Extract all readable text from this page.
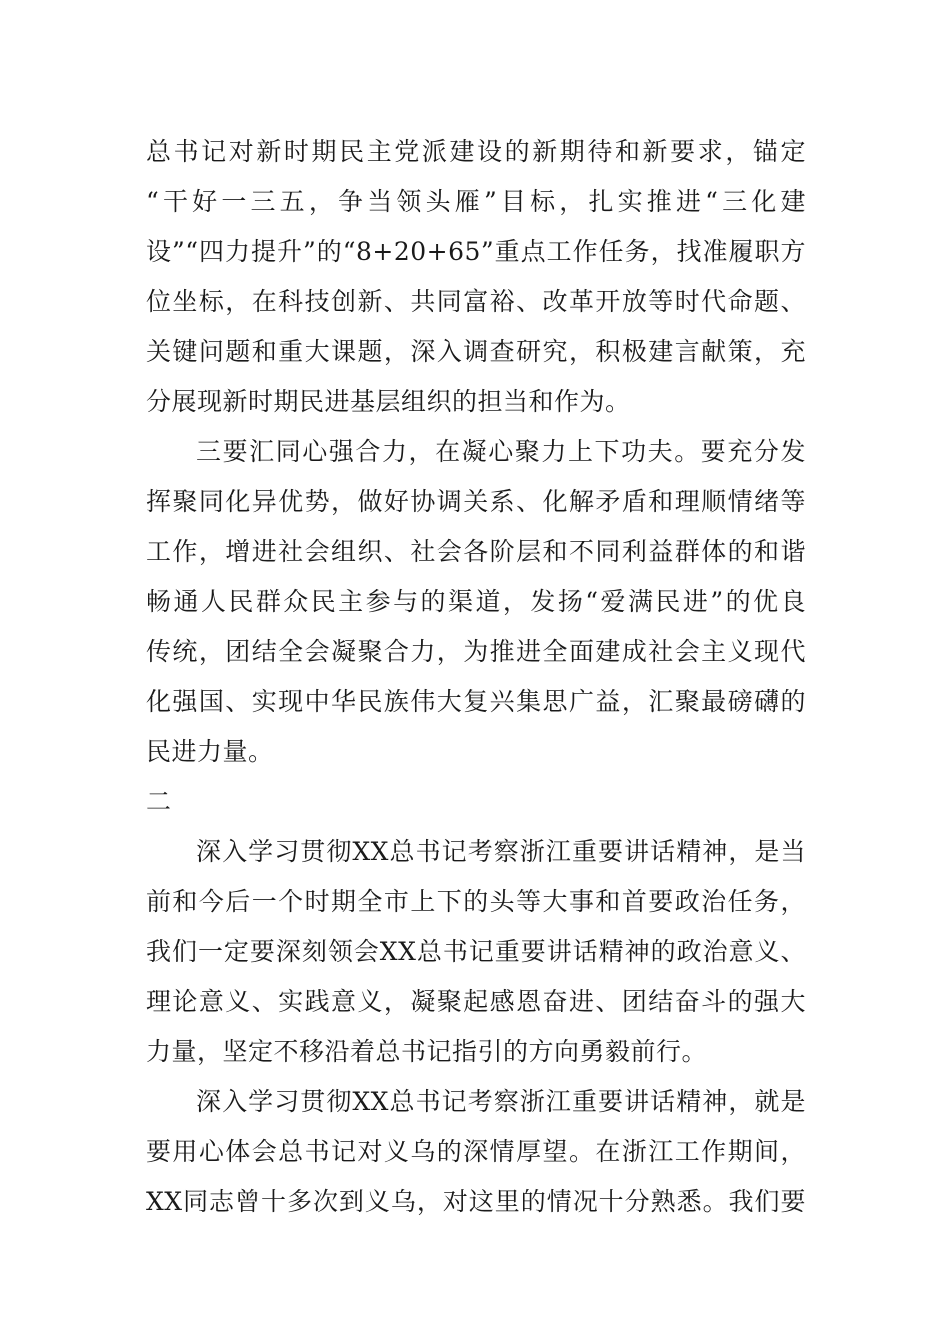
总书记对新时期民主党派建设的新期待和新要求，锚定
“干好一三五，争当领头雁”目标，扎实推进“三化建
设”“四力提升”的“8+20+65”重点工作任务，找准履职方
位坐标，在科技创新、共同富裕、改革开放等时代命题、
关键问题和重大课题，深入调查研究，积极建言献策，充
分展现新时期民进基层组织的担当和作为。
三要汇同心强合力，在凝心聚力上下功夫。要充分发
挥聚同化异优势，做好协调关系、化解矛盾和理顺情绪等
工作，增进社会组织、社会各阶层和不同利益群体的和谐
畅通人民群众民主参与的渠道，发扬“爱满民进”的优良
传统，团结全会凝聚合力，为推进全面建成社会主义现代
化强国、实现中华民族伟大复兴集思广益，汇聚最磅礴的
民进力量。
二
深入学习贯彻XX总书记考察浙江重要讲话精神，是当
前和今后一个时期全市上下的头等大事和首要政治任务，
我们一定要深刻领会XX总书记重要讲话精神的政治意义、
理论意义、实践意义，凝聚起感恩奋进、团结奋斗的强大
力量，坚定不移沿着总书记指引的方向勇毅前行。
深入学习贯彻XX总书记考察浙江重要讲话精神，就是
要用心体会总书记对义乌的深情厚望。在浙江工作期间，
XX同志曾十多次到义乌，对这里的情况十分熟悉。我们要
